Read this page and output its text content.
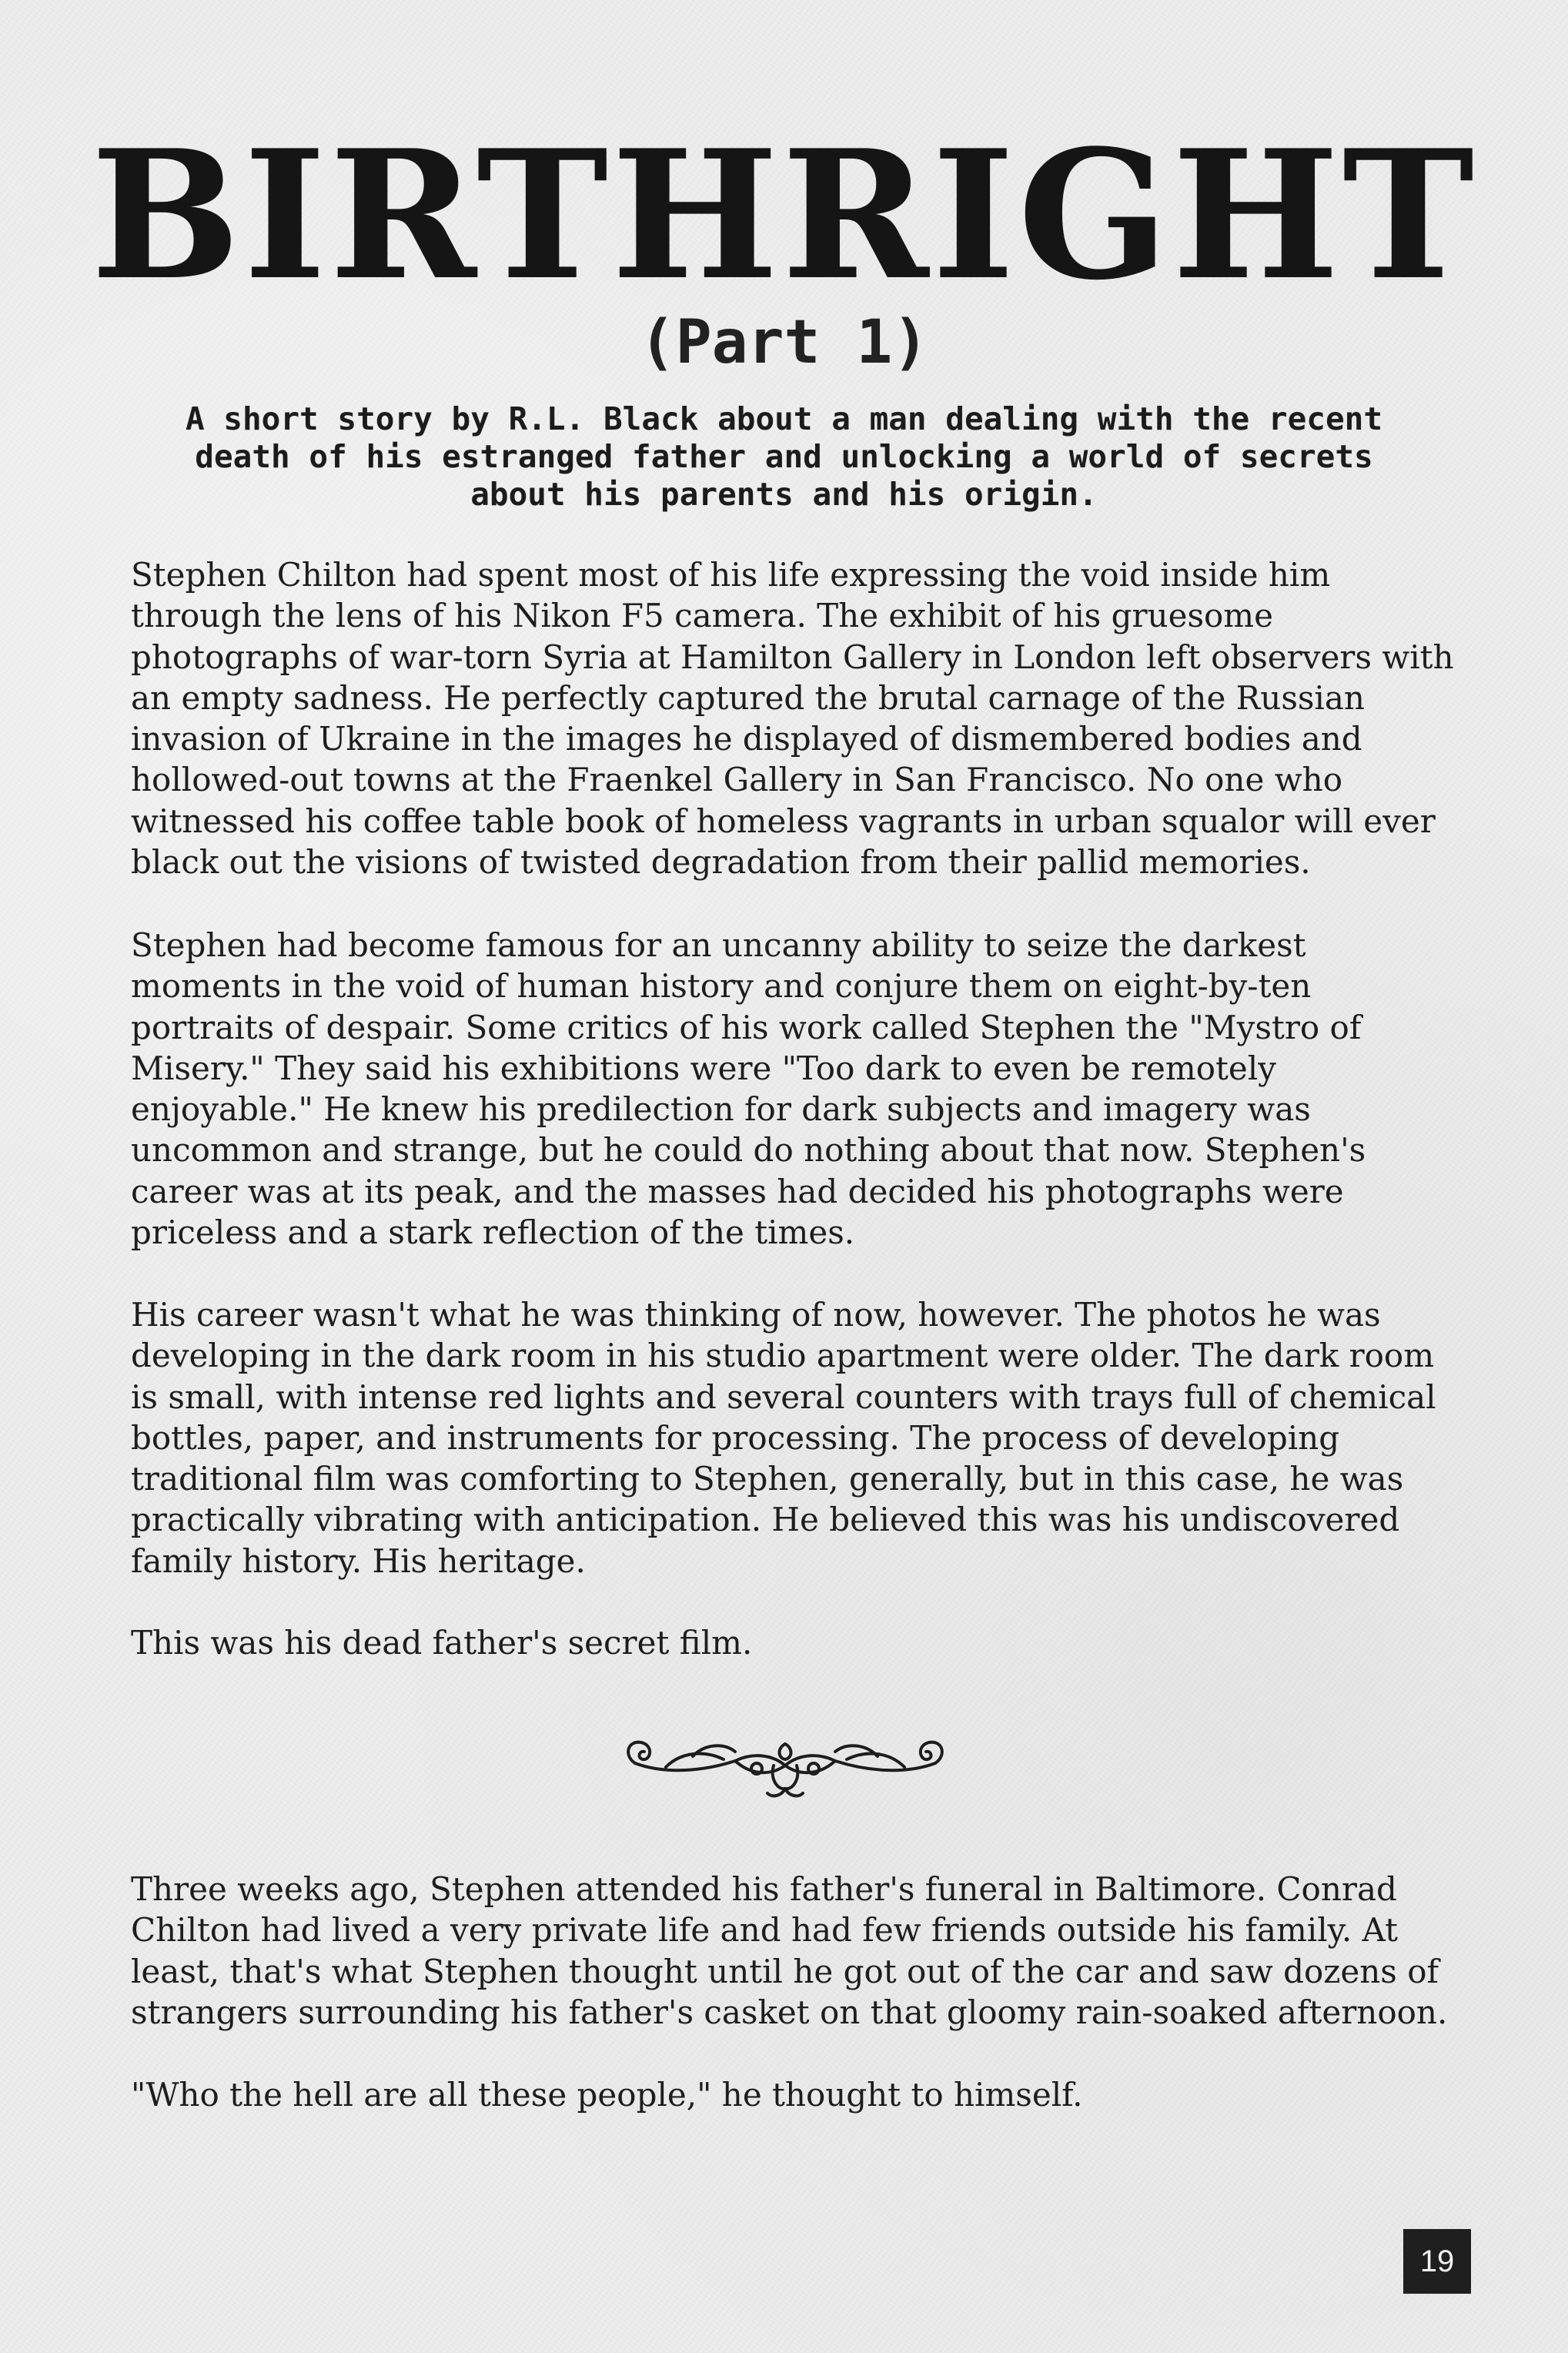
BIRTHRIGHT
(Part 1)
A short story by R.L. Black about a man dealing with the recent death of his estranged father and unlocking a world of secrets about his parents and his origin.

Stephen Chilton had spent most of his life expressing the void inside him through the lens of his Nikon F5 camera. The exhibit of his gruesome photographs of war-torn Syria at Hamilton Gallery in London left observers with an empty sadness. He perfectly captured the brutal carnage of the Russian invasion of Ukraine in the images he displayed of dismembered bodies and hollowed-out towns at the Fraenkel Gallery in San Francisco. No one who witnessed his coffee table book of homeless vagrants in urban squalor will ever black out the visions of twisted degradation from their pallid memories.

Stephen had become famous for an uncanny ability to seize the darkest moments in the void of human history and conjure them on eight-by-ten portraits of despair. Some critics of his work called Stephen the "Mystro of Misery." They said his exhibitions were "Too dark to even be remotely enjoyable." He knew his predilection for dark subjects and imagery was uncommon and strange, but he could do nothing about that now. Stephen's career was at its peak, and the masses had decided his photographs were priceless and a stark reflection of the times.

His career wasn't what he was thinking of now, however. The photos he was developing in the dark room in his studio apartment were older. The dark room is small, with intense red lights and several counters with trays full of chemical bottles, paper, and instruments for processing. The process of developing traditional film was comforting to Stephen, generally, but in this case, he was practically vibrating with anticipation. He believed this was his undiscovered family history. His heritage.

This was his dead father's secret film.

Three weeks ago, Stephen attended his father's funeral in Baltimore. Conrad Chilton had lived a very private life and had few friends outside his family. At least, that's what Stephen thought until he got out of the car and saw dozens of strangers surrounding his father's casket on that gloomy rain-soaked afternoon.

"Who the hell are all these people," he thought to himself.

19
